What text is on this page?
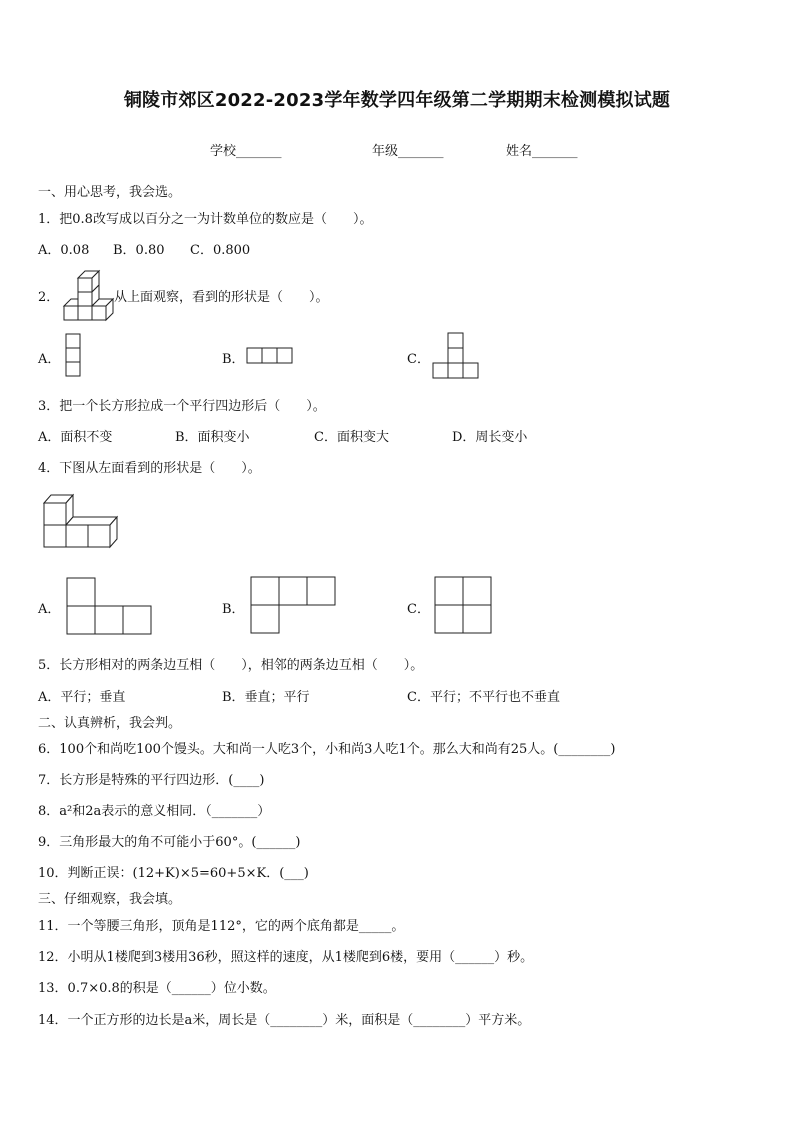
铜陵市郊区2022-2023学年数学四年级第二学期期末检测模拟试题
学校_______	年级_______	姓名_______
一、用心思考，我会选。
1．把0.8改写成以百分之一为计数单位的数应是（　　）。
A．0.08 B．0.80 C．0.800
2．	从上面观察，看到的形状是（　　）。
A．	B．	C．
3．把一个长方形拉成一个平行四边形后（　　）。
A．面积不变	B．面积变小	C．面积变大	D．周长变小
4．下图从左面看到的形状是（　　）。
A．	B．	C．
5．长方形相对的两条边互相（　　），相邻的两条边互相（　　）。
A．平行；垂直	B．垂直；平行	C．平行；不平行也不垂直
二、认真辨析，我会判。
6．100个和尚吃100个馒头。大和尚一人吃3个，小和尚3人吃1个。那么大和尚有25人。(________)
7．长方形是特殊的平行四边形．(____)
8．a²和2a表示的意义相同．（_______）
9．三角形最大的角不可能小于60°。(______)
10．判断正误：(12+K)×5=60+5×K．(___)
三、仔细观察，我会填。
11．一个等腰三角形，顶角是112°，它的两个底角都是_____。
12．小明从1楼爬到3楼用36秒，照这样的速度，从1楼爬到6楼，要用（______）秒。
13．0.7×0.8的积是（______）位小数。
14．一个正方形的边长是a米，周长是（________）米，面积是（________）平方米。
